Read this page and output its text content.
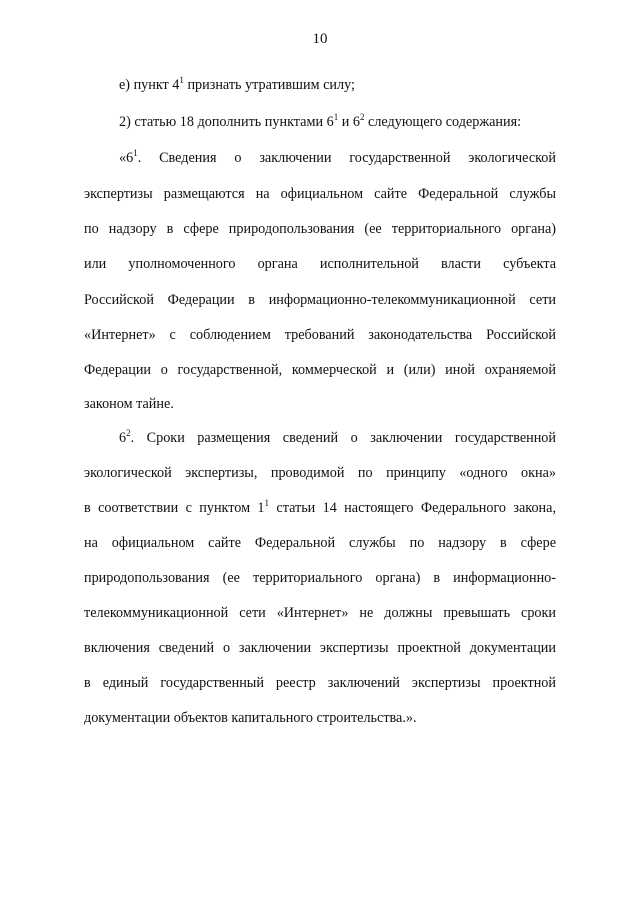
10
е) пункт $4^1$ признать утратившим силу;
2) статью 18 дополнить пунктами $6^1$ и $6^2$ следующего содержания:
«$6^1$. Сведения о заключении государственной экологической
экспертизы размещаются на официальном сайте Федеральной службы
по надзору в сфере природопользования (ее территориального органа)
или уполномоченного органа исполнительной власти субъекта
Российской Федерации в информационно-телекоммуникационной сети
«Интернет» с соблюдением требований законодательства Российской
Федерации о государственной, коммерческой и (или) иной охраняемой
законом тайне.
$6^2$. Сроки размещения сведений о заключении государственной
экологической экспертизы, проводимой по принципу «одного окна»
в соответствии с пунктом $1^1$ статьи 14 настоящего Федерального закона,
на официальном сайте Федеральной службы по надзору в сфере
природопользования (ее территориального органа) в информационно-
телекоммуникационной сети «Интернет» не должны превышать сроки
включения сведений о заключении экспертизы проектной документации
в единый государственный реестр заключений экспертизы проектной
документации объектов капитального строительства.».
